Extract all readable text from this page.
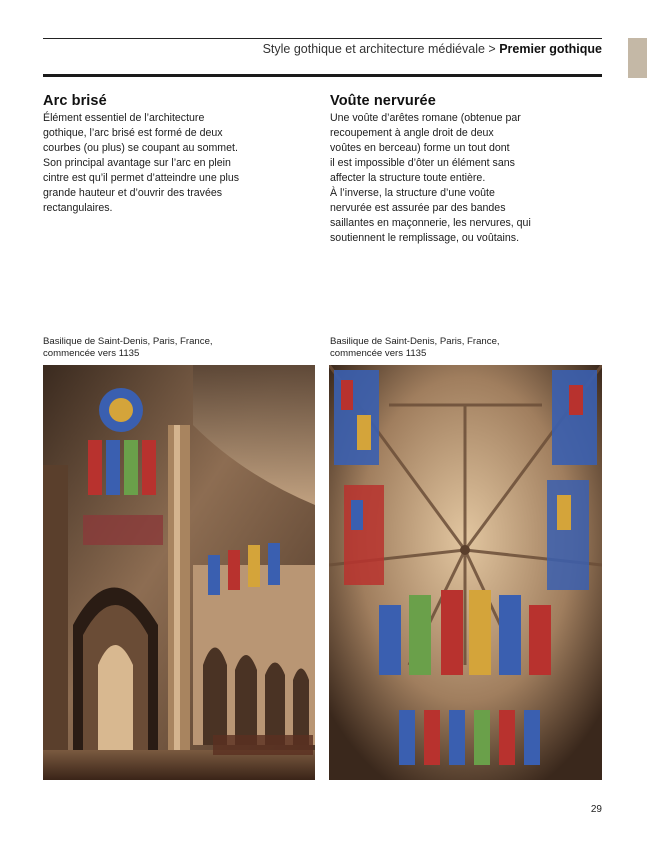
Style gothique et architecture médiévale > Premier gothique
Arc brisé

Élément essentiel de l’architecture
gothique, l’arc brisé est formé de deux
courbes (ou plus) se coupant au sommet.
Son principal avantage sur l’arc en plein
cintre est qu’il permet d’atteindre une plus
grande hauteur et d’ouvrir des travées
rectangulaires.

Voûte nervurée

Une voûte d’arêtes romane (obtenue par
recoupement à angle droit de deux
voûtes en berceau) forme un tout dont
il est impossible d’ôter un élément sans
affecter la structure toute entière.
À l’inverse, la structure d’une voûte
nervurée est assurée par des bandes
saillantes en maçonnerie, les nervures, qui
soutiennent le remplissage, ou voûtains.

Basilique de Saint-Denis, Paris, France,
commencée vers 1135
Basilique de Saint-Denis, Paris, France,
commencée vers 1135
29
